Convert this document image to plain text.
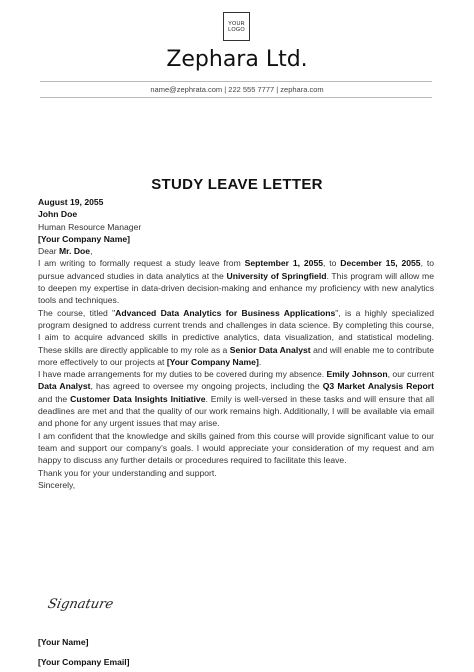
YOUR
LOGO
Zephara Ltd.
name@zephrata.com | 222 555 7777 | zephara.com
STUDY LEAVE LETTER

August 19, 2055

John Doe

Human Resource Manager

[Your Company Name]

Dear Mr. Doe,

I am writing to formally request a study leave from September 1, 2055, to December 15, 2055, to pursue advanced studies in data analytics at the University of Springfield. This program will allow me to deepen my expertise in data-driven decision-making and enhance my proficiency with new analytics tools and techniques.

The course, titled "Advanced Data Analytics for Business Applications", is a highly specialized program designed to address current trends and challenges in data science. By completing this course, I aim to acquire advanced skills in predictive analytics, data visualization, and statistical modeling. These skills are directly applicable to my role as a Senior Data Analyst and will enable me to contribute more effectively to our projects at [Your Company Name].

I have made arrangements for my duties to be covered during my absence. Emily Johnson, our current Data Analyst, has agreed to oversee my ongoing projects, including the Q3 Market Analysis Report and the Customer Data Insights Initiative. Emily is well-versed in these tasks and will ensure that all deadlines are met and that the quality of our work remains high. Additionally, I will be available via email and phone for any urgent issues that may arise.

I am confident that the knowledge and skills gained from this course will provide significant value to our team and support our company's goals. I would appreciate your consideration of my request and am happy to discuss any further details or procedures required to facilitate this leave.

Thank you for your understanding and support.

Sincerely,

Signature
[Your Name]
[Your Company Email]
